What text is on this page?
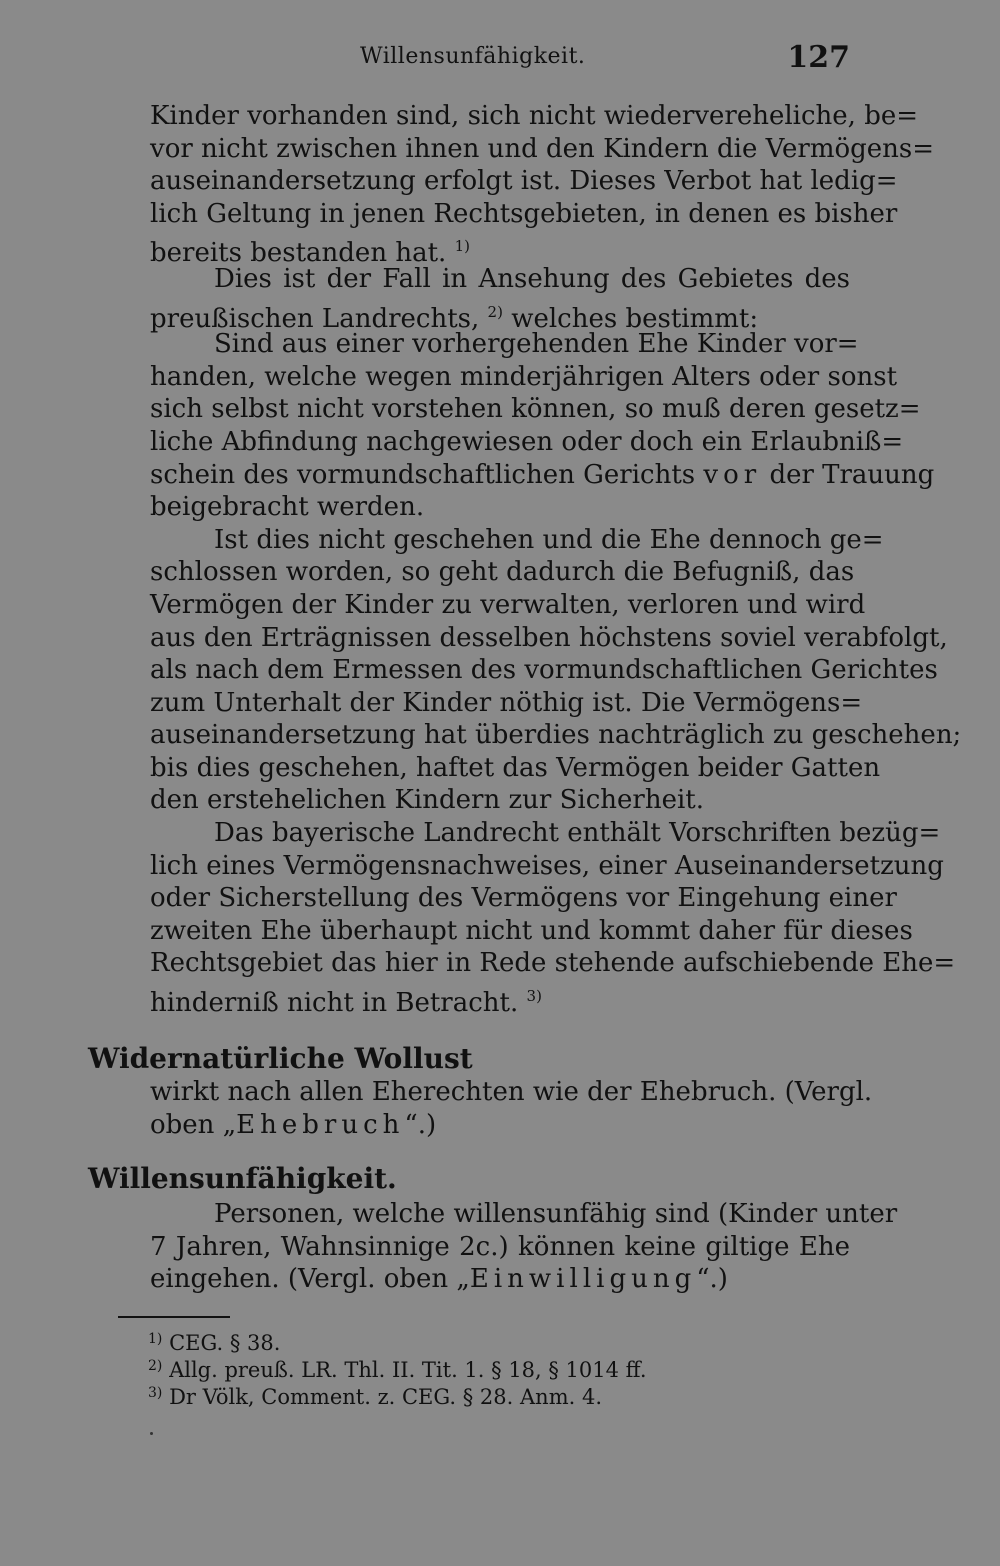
Willensunfähigkeit.	127
Kinder vorhanden sind, sich nicht wiedervereheliche, be=
vor nicht zwischen ihnen und den Kindern die Vermögens=
auseinandersetzung erfolgt ist. Dieses Verbot hat ledig=
lich Geltung in jenen Rechtsgebieten, in denen es bisher
bereits bestanden hat. $^{1)}$
Dies ist der Fall in Ansehung des Gebietes des
preußischen Landrechts, $^{2)}$ welches bestimmt:
Sind aus einer vorhergehenden Ehe Kinder vor=
handen, welche wegen minderjährigen Alters oder sonst
sich selbst nicht vorstehen können, so muß deren gesetz=
liche Abfindung nachgewiesen oder doch ein Erlaubniß=
schein des vormundschaftlichen Gerichts vor der Trauung
beigebracht werden.
Ist dies nicht geschehen und die Ehe dennoch ge=
schlossen worden, so geht dadurch die Befugniß, das
Vermögen der Kinder zu verwalten, verloren und wird
aus den Erträgnissen desselben höchstens soviel verabfolgt,
als nach dem Ermessen des vormundschaftlichen Gerichtes
zum Unterhalt der Kinder nöthig ist. Die Vermögens=
auseinandersetzung hat überdies nachträglich zu geschehen;
bis dies geschehen, haftet das Vermögen beider Gatten
den erstehelichen Kindern zur Sicherheit.
Das bayerische Landrecht enthält Vorschriften bezüg=
lich eines Vermögensnachweises, einer Auseinandersetzung
oder Sicherstellung des Vermögens vor Eingehung einer
zweiten Ehe überhaupt nicht und kommt daher für dieses
Rechtsgebiet das hier in Rede stehende aufschiebende Ehe=
hinderniß nicht in Betracht. $^{3)}$
Widernatürliche Wollust
wirkt nach allen Eherechten wie der Ehebruch. (Vergl.
oben „Ehebruch“.)
Willensunfähigkeit.
Personen, welche willensunfähig sind (Kinder unter
7 Jahren, Wahnsinnige 2c.) können keine giltige Ehe
eingehen. (Vergl. oben „Einwilligung“.)
$^{1)}$ CEG. § 38.
$^{2)}$ Allg. preuß. LR. Thl. II. Tit. 1. § 18, § 1014 ff.
$^{3)}$ Dr Völk, Comment. z. CEG. § 28. Anm. 4.
